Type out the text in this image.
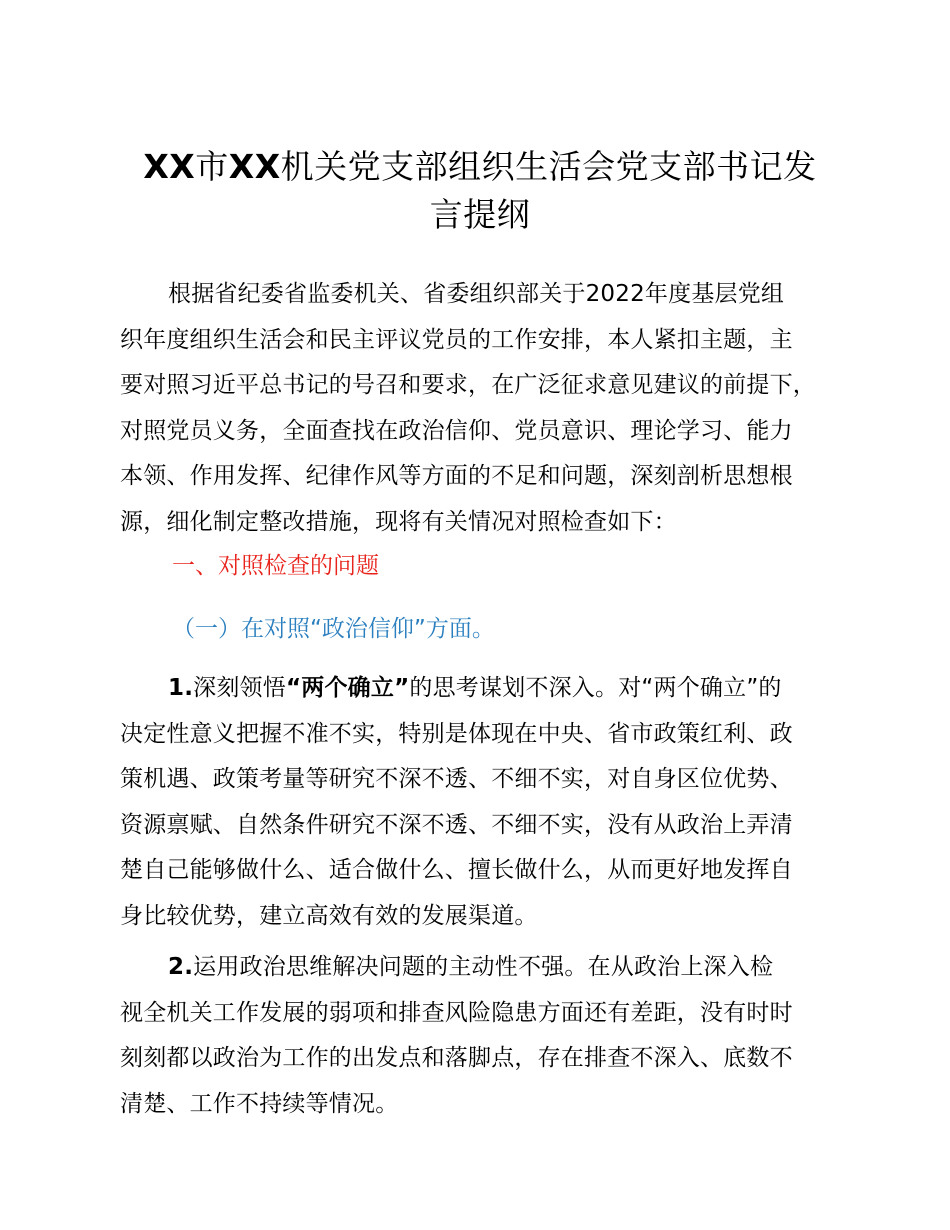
XX市XX机关党支部组织生活会党支部书记发
言提纲
根据省纪委省监委机关、省委组织部关于2022年度基层党组
织年度组织生活会和民主评议党员的工作安排，本人紧扣主题，主
要对照习近平总书记的号召和要求，在广泛征求意见建议的前提下，
对照党员义务，全面查找在政治信仰、党员意识、理论学习、能力
本领、作用发挥、纪律作风等方面的不足和问题，深刻剖析思想根
源，细化制定整改措施，现将有关情况对照检查如下：
一、对照检查的问题
（一）在对照“政治信仰”方面。
1.深刻领悟“两个确立”的思考谋划不深入。对“两个确立”的
决定性意义把握不准不实，特别是体现在中央、省市政策红利、政
策机遇、政策考量等研究不深不透、不细不实，对自身区位优势、
资源禀赋、自然条件研究不深不透、不细不实，没有从政治上弄清
楚自己能够做什么、适合做什么、擅长做什么，从而更好地发挥自
身比较优势，建立高效有效的发展渠道。
2.运用政治思维解决问题的主动性不强。在从政治上深入检
视全机关工作发展的弱项和排查风险隐患方面还有差距，没有时时
刻刻都以政治为工作的出发点和落脚点，存在排查不深入、底数不
清楚、工作不持续等情况。
